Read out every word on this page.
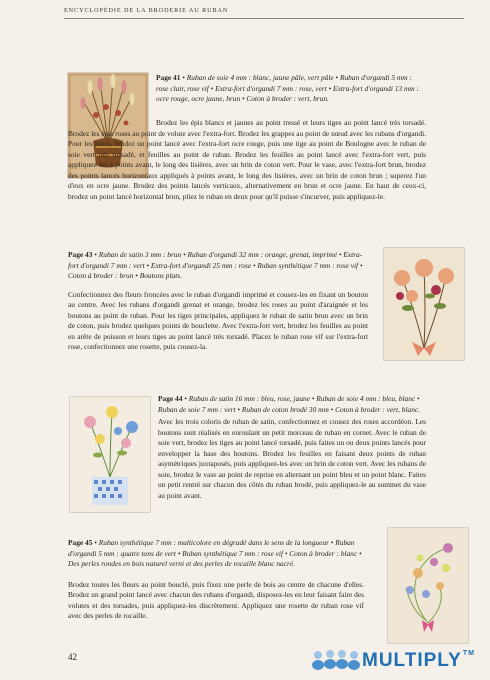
ENCYCLOPÉDIE DE LA BRODERIE AU RUBAN
Page 41 • Ruban de soie 4 mm : blanc, jaune pâle, vert pâle • Ruban d'organdi 5 mm : rose clair, rose vif • Extra-fort d'organdi 7 mm : rose, vert • Extra-fort d'organdi 13 mm : ocre rouge, ocre jaune, brun • Coton à broder : vert, brun.

Brodez les épis blancs et jaunes au point tressé et leurs tiges au point lancé très torsadé. Brodez les épis roses au point de volute avec l'extra-fort. Brodez les grappes au point de nœud avec les rubans d'organdi. Pour les joncs, brodez un point lancé avec l'extra-fort ocre rouge, puis une tige au point de Boulogne avec le ruban de soie vert très torsadé, et feuilles au point de ruban. Brodez les feuilles au point lancé avec l'extra-fort vert, puis appliquez-les à points avant, le long des lisières, avec un brin de coton vert. Pour le vase, avec l'extra-fort brun, brodez des points lancés horizontaux appliqués à points avant, le long des lisières, avec un brin de coton brun ; superez l'un d'eux en ocre jaune. Brodez des points lancés verticaux, alternativement en brun et ocre jaune. En haut de ceux-ci, brodez un point lancé horizontal brun, pliez le ruban en deux pour qu'il puisse s'incurver, puis appliquez-le.

Page 43 • Ruban de satin 3 mm : brun • Ruban d'organdi 32 mm : orange, grenat, imprimé • Extra-fort d'organdi 7 mm : vert • Extra-fort d'organdi 25 mm : rose • Ruban synthétique 7 mm : rose vif • Coton à broder : brun • Boutons plats.

Confectionnez des fleurs froncées avec le ruban d'organdi imprimé et cousez-les en fixant un bouton au centre. Avec les rubans d'organdi grenat et orange, brodez les roses au point d'araignée et les boutons au point de ruban. Pour les tiges principales, appliquez le ruban de satin brun avec un brin de coton, puis brodez quelques points de bouclette. Avec l'extra-fort vert, brodez les feuilles au point en arête de poisson et leurs tiges au point lancé très torsadé. Placez le ruban rose vif sur l'extra-fort rose, confectionnez une rosette, puis cousez-la.

Page 44 • Ruban de satin 16 mm : bleu, rose, jaune • Ruban de soie 4 mm : bleu, blanc • Ruban de soie 7 mm : vert • Ruban de coton brodé 30 mm • Coton à broder : vert, blanc.

Avec les trois coloris de ruban de satin, confectionnez et cousez des roses accordéon. Les boutons sont réalisés en enroulant un petit morceau de ruban en cornet. Avec le ruban de soie vert, brodez les tiges au point lancé torsadé, puis faites un ou deux points lancés pour envelopper la base des boutons. Brodez les feuilles en faisant deux points de ruban asymétriques juxtaposés, puis appliquez-les avec un brin de coton vert. Avec les rubans de soie, brodez le vase au point de reprise en alternant un point bleu et un point blanc. Faites un petit rentré sur chacun des côtés du ruban brodé, puis appliquez-le au sommet du vase au point avant.

Page 45 • Ruban synthétique 7 mm : multicolore en dégradé dans le sens de la longueur • Ruban d'organdi 5 mm : quatre tons de vert • Ruban synthétique 7 mm : rose vif • Coton à broder : blanc • Des perles rondes en bois naturel verni et des perles de rocaille blanc nacré.

Brodez toutes les fleurs au point bouclé, puis fixez une perle de bois au centre de chacune d'elles. Brodez un grand point lancé avec chacun des rubans d'organdi, disposez-les en leur faisant faire des volutes et des torsades, puis appliquez-les discrètement. Appliquez une rosette de ruban rose vif avec des perles de rocaille.

42	MULTIPLY™
